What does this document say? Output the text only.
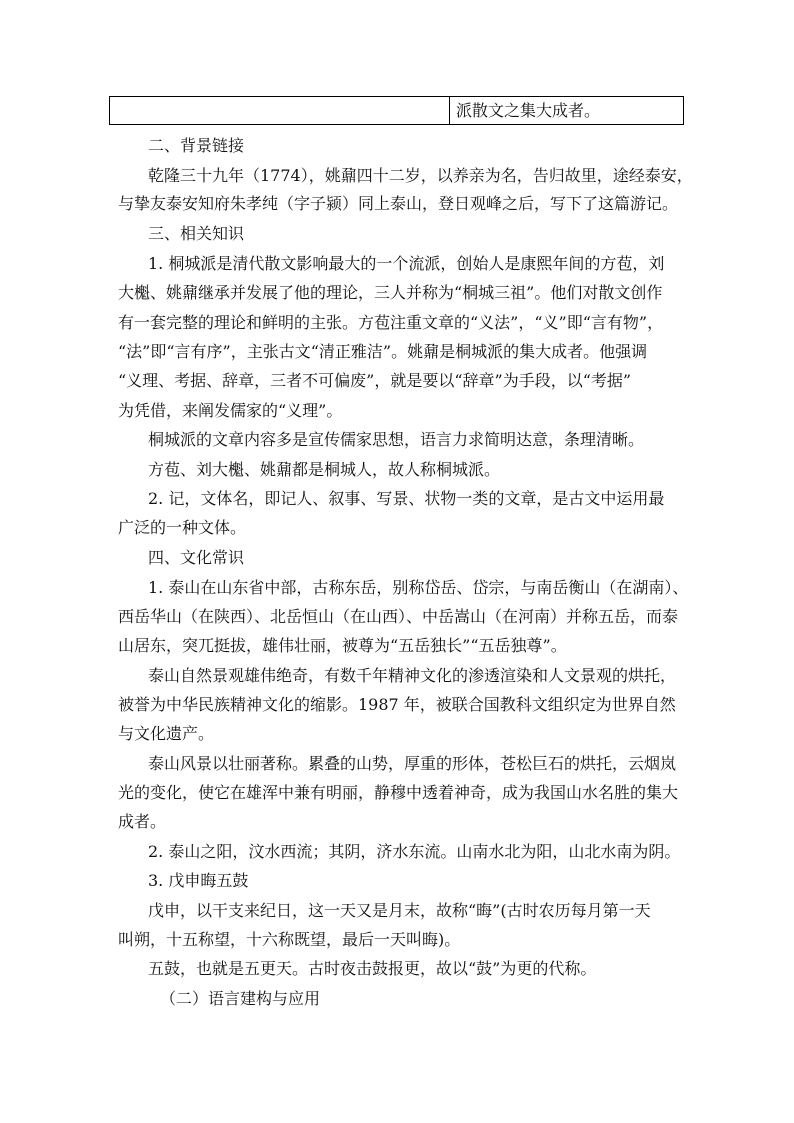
派散文之集大成者。
二、背景链接
乾隆三十九年（1774），姚鼐四十二岁，以养亲为名，告归故里，途经泰安，
与挚友泰安知府朱孝纯（字子颍）同上泰山，登日观峰之后，写下了这篇游记。
三、相关知识
1. 桐城派是清代散文影响最大的一个流派，创始人是康熙年间的方苞，刘
大櫆、姚鼐继承并发展了他的理论，三人并称为“桐城三祖”。他们对散文创作
有一套完整的理论和鲜明的主张。方苞注重文章的“义法”，“义”即“言有物”，
“法”即“言有序”，主张古文“清正雅洁”。姚鼐是桐城派的集大成者。他强调
“义理、考据、辞章，三者不可偏废”，就是要以“辞章”为手段，以“考据”
为凭借，来阐发儒家的“义理”。
桐城派的文章内容多是宣传儒家思想，语言力求简明达意，条理清晰。
方苞、刘大櫆、姚鼐都是桐城人，故人称桐城派。
2. 记，文体名，即记人、叙事、写景、状物一类的文章，是古文中运用最
广泛的一种文体。
四、文化常识
1. 泰山在山东省中部，古称东岳，别称岱岳、岱宗，与南岳衡山（在湖南）、
西岳华山（在陕西）、北岳恒山（在山西）、中岳嵩山（在河南）并称五岳，而泰
山居东，突兀挺拔，雄伟壮丽，被尊为“五岳独长”“五岳独尊”。
泰山自然景观雄伟绝奇，有数千年精神文化的渗透渲染和人文景观的烘托，
被誉为中华民族精神文化的缩影。1987 年，被联合国教科文组织定为世界自然
与文化遗产。
泰山风景以壮丽著称。累叠的山势，厚重的形体，苍松巨石的烘托，云烟岚
光的变化，使它在雄浑中兼有明丽，静穆中透着神奇，成为我国山水名胜的集大
成者。
2. 泰山之阳，汶水西流；其阴，济水东流。山南水北为阳，山北水南为阴。
3. 戊申晦五鼓
戊申，以干支来纪日，这一天又是月末，故称“晦”(古时农历每月第一天
叫朔，十五称望，十六称既望，最后一天叫晦)。
五鼓，也就是五更天。古时夜击鼓报更，故以“鼓”为更的代称。
（二）语言建构与应用
